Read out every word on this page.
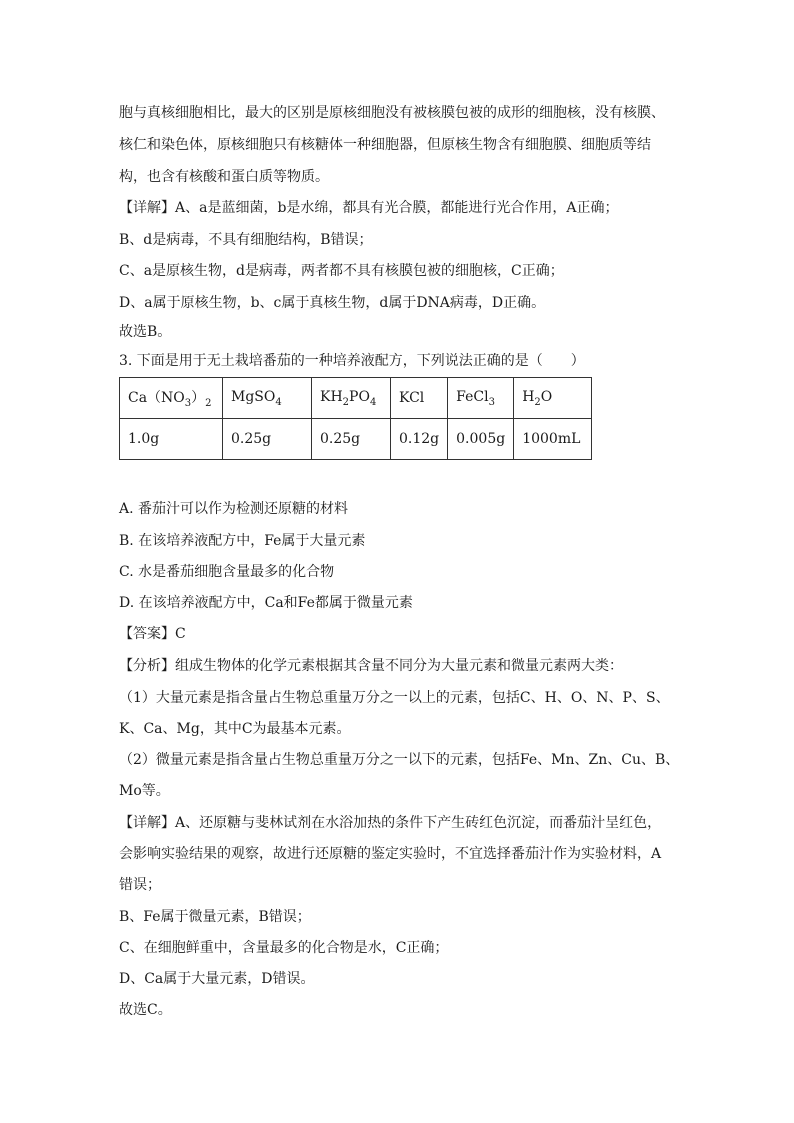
胞与真核细胞相比，最大的区别是原核细胞没有被核膜包被的成形的细胞核，没有核膜、
核仁和染色体，原核细胞只有核糖体一种细胞器，但原核生物含有细胞膜、细胞质等结
构，也含有核酸和蛋白质等物质。
【详解】A、a是蓝细菌，b是水绵，都具有光合膜，都能进行光合作用，A正确；
B、d是病毒，不具有细胞结构，B错误；
C、a是原核生物，d是病毒，两者都不具有核膜包被的细胞核，C正确；
D、a属于原核生物，b、c属于真核生物，d属于DNA病毒，D正确。
故选B。
3. 下面是用于无土栽培番茄的一种培养液配方，下列说法正确的是（　　）
$Ca(NO_3)_2$	MgSO$_4$	$KH_2PO_4$	KCl	FeCl$_3$	$H_2O$
1.0g	0.25g	0.25g	0.12g	0.005g	1000mL
A. 番茄汁可以作为检测还原糖的材料
B. 在该培养液配方中，Fe属于大量元素
C. 水是番茄细胞含量最多的化合物
D. 在该培养液配方中，Ca和Fe都属于微量元素
【答案】C
【分析】组成生物体的化学元素根据其含量不同分为大量元素和微量元素两大类：
（1）大量元素是指含量占生物总重量万分之一以上的元素，包括C、H、O、N、P、S、
K、Ca、Mg，其中C为最基本元素。
（2）微量元素是指含量占生物总重量万分之一以下的元素，包括Fe、Mn、Zn、Cu、B、
Mo等。
【详解】A、还原糖与斐林试剂在水浴加热的条件下产生砖红色沉淀，而番茄汁呈红色，
会影响实验结果的观察，故进行还原糖的鉴定实验时，不宜选择番茄汁作为实验材料，A
错误；
B、Fe属于微量元素，B错误；
C、在细胞鲜重中，含量最多的化合物是水，C正确；
D、Ca属于大量元素，D错误。
故选C。
